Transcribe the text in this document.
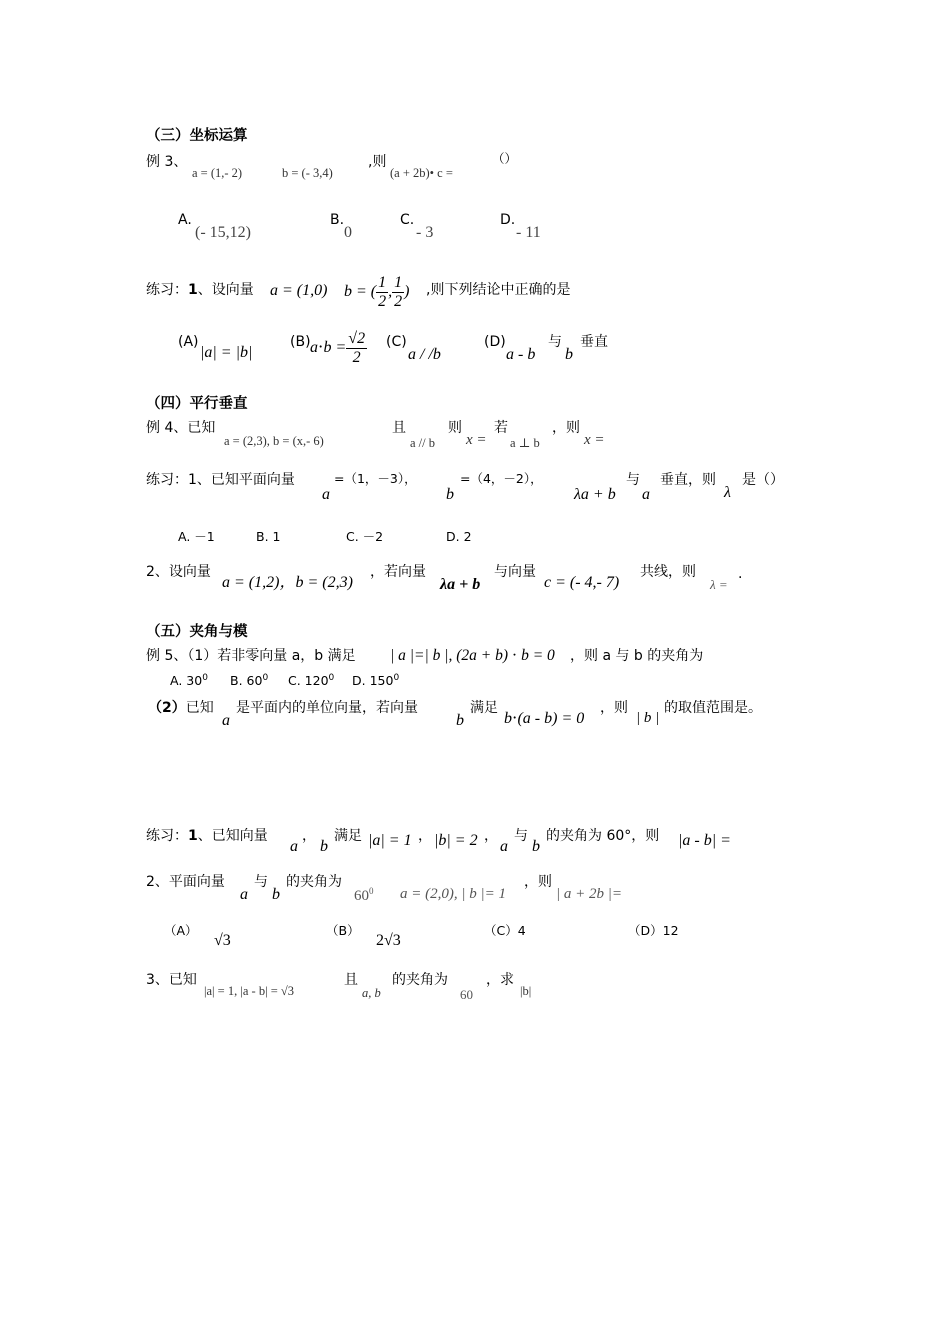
（三）坐标运算
例 3、
a = (1,- 2)	b = (- 3,4)
,则
(a + 2b)• c =
（）
A.
(- 15,12)
B.
0
C.
- 3
D.
- 11
练习：1、设向量 a = (1,0) b = ( $\frac{1}{2}$ , $\frac{1}{2}$ ) ,则下列结论中正确的是
(A)
|a| = |b|
(B) $a\cdot b = \frac{√2}{2} (C)$
a / /b
(D)
a - b
与
b
垂直
（四）平行垂直
例 4、已知
a = (2,3), b = (x,- 6)
且
a // b
则
x =
若
a ⊥ b
，则
x =
练习：1、已知平面向量
a
=（1，－3），
b
=（4，－2），
λa + b
与
a
垂直，则
λ
是（）
A. －1	B. 1	C. －2	D. 2
2、设向量
a = (1,2)，b = (2,3)
，若向量
λa + b
与向量
c = (- 4,- 7)
共线，则
λ =
.
（五）夹角与模
例 5、（1）若非零向量 a，b 满足 | a |=| b |, (2a + b) ⋅ b = 0 ，则 a 与 b 的夹角为
A. $30^0$ B. $60^0$ C. $120^0$ D. $150^0$
（2）已知
a
是平面内的单位向量，若向量
b
满足
b⋅(a - b) = 0
，则
| b |
的取值范围是。
练习：1、已知向量
a
，
b
满足 |a| = 1 ， |b| = 2 ，
a
与
b
的夹角为 60°，则 |a - b| =
2、平面向量
a
与
b
的夹角为
$60^0$ a = (2,0), | b |= 1
，则
| a + 2b |=
（A）
√3
（B）
2√3
（C）4	（D）12
3、已知
|a| = 1, |a - b| = √3
且
a, b
的夹角为
60
，求
|b|
